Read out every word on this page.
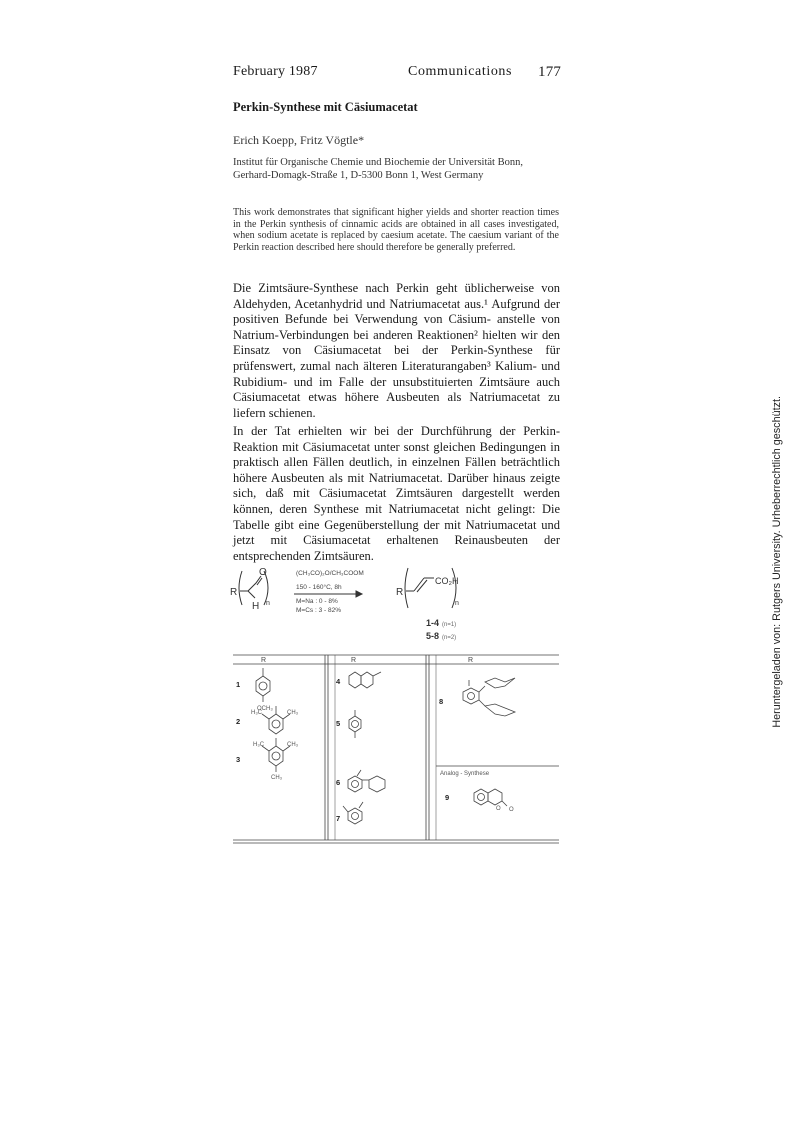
February 1987	Communications 177
Perkin-Synthese mit Cäsiumacetat
Erich Koepp, Fritz Vögtle*
Institut für Organische Chemie und Biochemie der Universität Bonn,
Gerhard-Domagk-Straße 1, D-5300 Bonn 1, West Germany
This work demonstrates that significant higher yields and shorter reaction times in the Perkin synthesis of cinnamic acids are obtained in all cases investigated, when sodium acetate is replaced by caesium acetate. The caesium variant of the Perkin reaction described here should therefore be generally preferred.
Die Zimtsäure-Synthese nach Perkin geht üblicherweise von Aldehyden, Acetanhydrid und Natriumacetat aus.¹ Aufgrund der positiven Befunde bei Verwendung von Cäsium- anstelle von Natrium-Verbindungen bei anderen Reaktionen² hielten wir den Einsatz von Cäsiumacetat bei der Perkin-Synthese für prüfenswert, zumal nach älteren Literaturangaben³ Kalium- und Rubidium- und im Falle der unsubstituierten Zimtsäure auch Cäsiumacetat etwas höhere Ausbeuten als Natriumacetat zu liefern schienen.
In der Tat erhielten wir bei der Durchführung der Perkin-Reaktion mit Cäsiumacetat unter sonst gleichen Bedingungen in praktisch allen Fällen deutlich, in einzelnen Fällen beträchtlich höhere Ausbeuten als mit Natriumacetat. Darüber hinaus zeigte sich, daß mit Cäsiumacetat Zimtsäuren dargestellt werden können, deren Synthese mit Natriumacetat nicht gelingt: Die Tabelle gibt eine Gegenüberstellung der mit Natriumacetat und jetzt mit Cäsiumacetat erhaltenen Reinausbeuten der entsprechenden Zimtsäuren.
R
O
H n
(CH₃CO)₂O/CH₃COOM
150 - 160°C, 8h
M=Na : 0 - 8%
M=Cs : 3 - 82%
R
CO₂H
n
1-4 (n=1)
5-8 (n=2)
R	R	R
1
2
3
4
5
6
7
8
9
OCH₃
H₃C	CH₃
H₃C	CH₃
CH₃
Analog - Synthese
O O
Heruntergeladen von: Rutgers University. Urheberrechtlich geschützt.
